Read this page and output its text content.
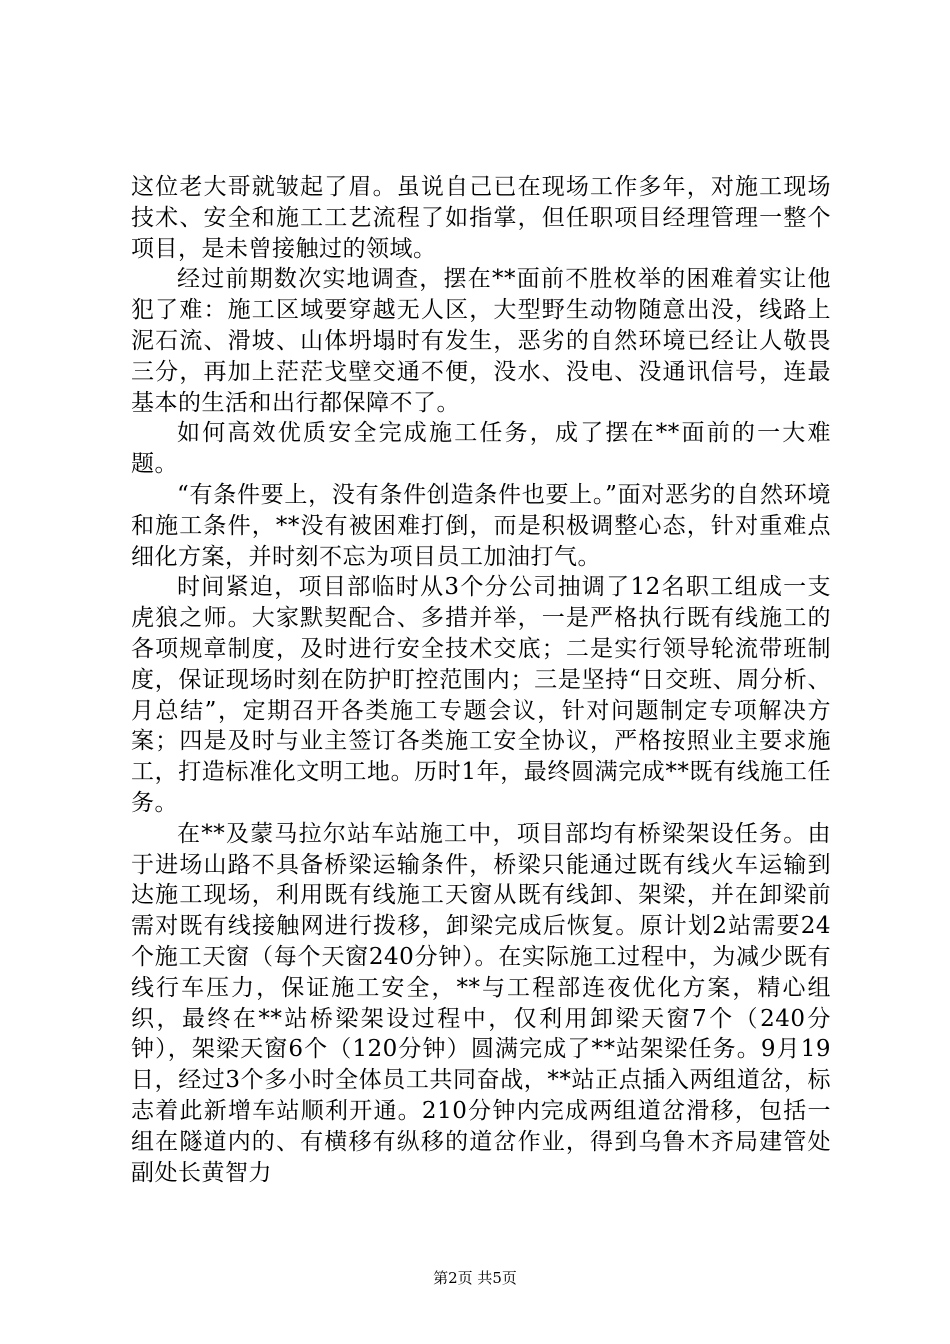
这位老大哥就皱起了眉。虽说自己已在现场工作多年，对施工现场技术、安全和施工工艺流程了如指掌，但任职项目经理管理一整个项目，是未曾接触过的领域。

经过前期数次实地调查，摆在**面前不胜枚举的困难着实让他犯了难：施工区域要穿越无人区，大型野生动物随意出没，线路上泥石流、滑坡、山体坍塌时有发生，恶劣的自然环境已经让人敬畏三分，再加上茫茫戈壁交通不便，没水、没电、没通讯信号，连最基本的生活和出行都保障不了。

如何高效优质安全完成施工任务，成了摆在**面前的一大难题。

“有条件要上，没有条件创造条件也要上。”面对恶劣的自然环境和施工条件，**没有被困难打倒，而是积极调整心态，针对重难点细化方案，并时刻不忘为项目员工加油打气。

时间紧迫，项目部临时从3个分公司抽调了12名职工组成一支虎狼之师。大家默契配合、多措并举，一是严格执行既有线施工的各项规章制度，及时进行安全技术交底；二是实行领导轮流带班制度，保证现场时刻在防护盯控范围内；三是坚持“日交班、周分析、月总结”，定期召开各类施工专题会议，针对问题制定专项解决方案；四是及时与业主签订各类施工安全协议，严格按照业主要求施工，打造标准化文明工地。历时1年，最终圆满完成**既有线施工任务。

在**及蒙马拉尔站车站施工中，项目部均有桥梁架设任务。由于进场山路不具备桥梁运输条件，桥梁只能通过既有线火车运输到达施工现场，利用既有线施工天窗从既有线卸、架梁，并在卸梁前需对既有线接触网进行拨移，卸梁完成后恢复。原计划2站需要24个施工天窗（每个天窗240分钟）。在实际施工过程中，为减少既有线行车压力，保证施工安全，**与工程部连夜优化方案，精心组织，最终在**站桥梁架设过程中，仅利用卸梁天窗7个（240分钟），架梁天窗6个（120分钟）圆满完成了**站架梁任务。9月19日，经过3个多小时全体员工共同奋战，**站正点插入两组道岔，标志着此新增车站顺利开通。210分钟内完成两组道岔滑移，包括一组在隧道内的、有横移有纵移的道岔作业，得到乌鲁木齐局建管处副处长黄智力

第2页 共5页
